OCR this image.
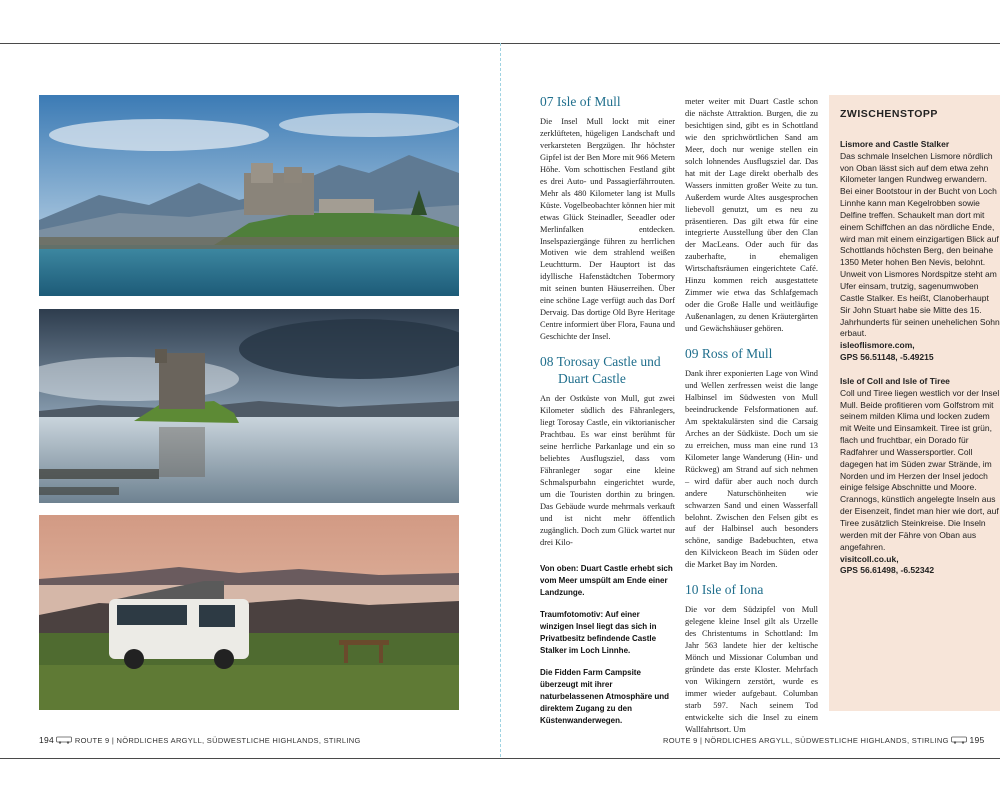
07 Isle of Mull

Die Insel Mull lockt mit einer zerklüfteten, hügeligen Landschaft und verkarsteten Bergzügen. Ihr höchster Gipfel ist der Ben More mit 966 Metern Höhe. Vom schottischen Festland gibt es drei Auto- und Passagierfährrouten. Mehr als 480 Kilometer lang ist Mulls Küste. Vogelbeobachter können hier mit etwas Glück Steinadler, Seeadler oder Merlinfalken entdecken. Inselspaziergänge führen zu herrlichen Motiven wie dem strahlend weißen Leuchtturm. Der Hauptort ist das idyllische Hafenstädtchen Tobermory mit seinen bunten Häuserreihen. Über eine schöne Lage verfügt auch das Dorf Dervaig. Das dortige Old Byre Heritage Centre informiert über Flora, Fauna und Geschichte der Insel.

08 Torosay Castle und Duart Castle

An der Ostküste von Mull, gut zwei Kilometer südlich des Fähranlegers, liegt Torosay Castle, ein viktorianischer Prachtbau. Es war einst berühmt für seine herrliche Parkanlage und ein so beliebtes Ausflugsziel, dass vom Fähranleger sogar eine kleine Schmalspurbahn eingerichtet wurde, um die Touristen dorthin zu bringen. Das Gebäude wurde mehrmals verkauft und ist nicht mehr öffentlich zugänglich. Doch zum Glück wartet nur drei Kilo-

Von oben: Duart Castle erhebt sich vom Meer umspült am Ende einer Landzunge.

Traumfotomotiv: Auf einer winzigen Insel liegt das sich in Privatbesitz befindende Castle Stalker im Loch Linnhe.

Die Fidden Farm Campsite überzeugt mit ihrer naturbelassenen Atmosphäre und direktem Zugang zu den Küstenwanderwegen.

meter weiter mit Duart Castle schon die nächste Attraktion. Burgen, die zu besichtigen sind, gibt es in Schottland wie den sprichwörtlichen Sand am Meer, doch nur wenige stellen ein solch lohnendes Ausflugsziel dar. Das hat mit der Lage direkt oberhalb des Wassers inmitten großer Weite zu tun. Außerdem wurde Altes ausgesprochen liebevoll genutzt, um es neu zu präsentieren. Das gilt etwa für eine integrierte Ausstellung über den Clan der MacLeans. Oder auch für das zauberhafte, in ehemaligen Wirtschaftsräumen eingerichtete Café. Hinzu kommen reich ausgestattete Zimmer wie etwa das Schlafgemach oder die Große Halle und weitläufige Außenanlagen, zu denen Kräutergärten und Gewächshäuser gehören.

09 Ross of Mull

Dank ihrer exponierten Lage von Wind und Wellen zerfressen weist die lange Halbinsel im Südwesten von Mull beeindruckende Felsformationen auf. Am spektakulärsten sind die Carsaig Arches an der Südküste. Doch um sie zu erreichen, muss man eine rund 13 Kilometer lange Wanderung (Hin- und Rückweg) am Strand auf sich nehmen – wird dafür aber auch noch durch andere Naturschönheiten wie schwarzen Sand und einen Wasserfall belohnt. Zwischen den Felsen gibt es auf der Halbinsel auch besonders schöne, sandige Badebuchten, etwa den Kilvickeon Beach im Süden oder die Market Bay im Norden.

10 Isle of Iona

Die vor dem Südzipfel von Mull gelegene kleine Insel gilt als Urzelle des Christentums in Schottland: Im Jahr 563 landete hier der keltische Mönch und Missionar Columban und gründete das erste Kloster. Mehrfach von Wikingern zerstört, wurde es immer wieder aufgebaut. Columban starb 597. Nach seinem Tod entwickelte sich die Insel zu einem Wallfahrtsort. Um

ZWISCHENSTOPP

Lismore and Castle Stalker

Das schmale Inselchen Lismore nördlich von Oban lässt sich auf dem etwa zehn Kilometer langen Rundweg erwandern. Bei einer Bootstour in der Bucht von Loch Linnhe kann man Kegelrobben sowie Delfine treffen. Schaukelt man dort mit einem Schiffchen an das nördliche Ende, wird man mit einem einzigartigen Blick auf Schottlands höchsten Berg, den beinahe 1350 Meter hohen Ben Nevis, belohnt. Unweit von Lismores Nordspitze steht am Ufer einsam, trutzig, sagenumwoben Castle Stalker. Es heißt, Clanoberhaupt Sir John Stuart habe sie Mitte des 15. Jahrhunderts für seinen unehelichen Sohn erbaut.

isleoflismore.com,

GPS 56.51148, -5.49215

Isle of Coll and Isle of Tiree

Coll und Tiree liegen westlich vor der Insel Mull. Beide profitieren vom Golfstrom mit seinem milden Klima und locken zudem mit Weite und Einsamkeit. Tiree ist grün, flach und fruchtbar, ein Dorado für Radfahrer und Wassersportler. Coll dagegen hat im Süden zwar Strände, im Norden und im Herzen der Insel jedoch einige felsige Abschnitte und Moore. Crannogs, künstlich angelegte Inseln aus der Eisenzeit, findet man hier wie dort, auf Tiree zusätzlich Steinkreise. Die Inseln werden mit der Fähre von Oban aus angefahren.

visitcoll.co.uk,

GPS 56.61498, -6.52342

194	ROUTE 9 | NÖRDLICHES ARGYLL, SÜDWESTLICHE HIGHLANDS, STIRLING	ROUTE 9 | NÖRDLICHES ARGYLL, SÜDWESTLICHE HIGHLANDS, STIRLING 195
